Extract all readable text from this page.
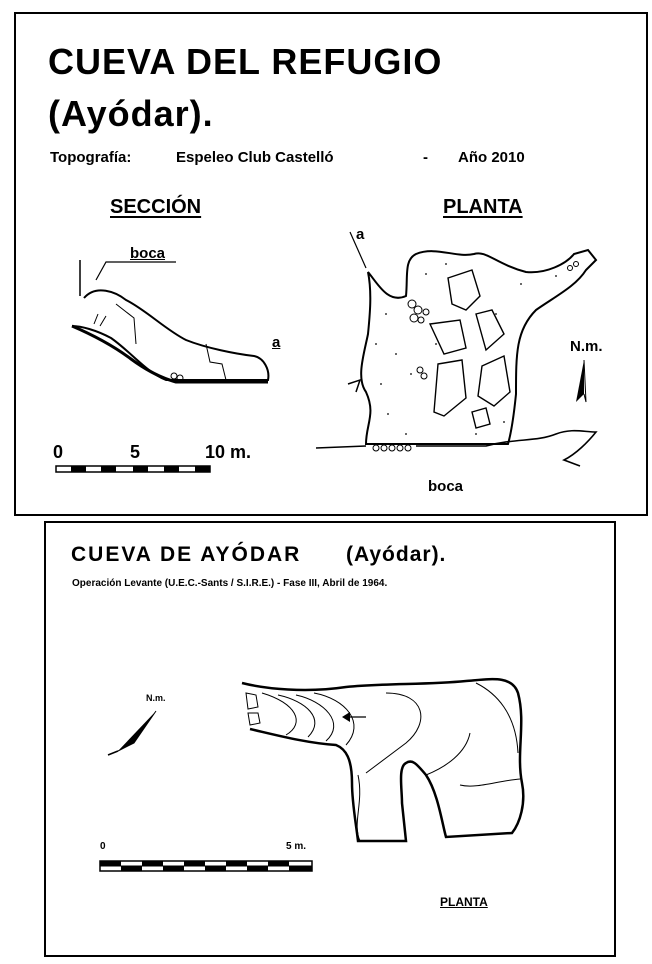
CUEVA DEL REFUGIO
(Ayódar).
Topografía:	Espeleo Club Castelló	- Año 2010
SECCIÓN	PLANTA
boca
a
a
N.m.
boca
0	5	10 m.
CUEVA DE AYÓDAR (Ayódar).
Operación Levante (U.E.C.-Sants / S.I.R.E.) - Fase III, Abril de 1964.
N.m.
0	5 m.
PLANTA
